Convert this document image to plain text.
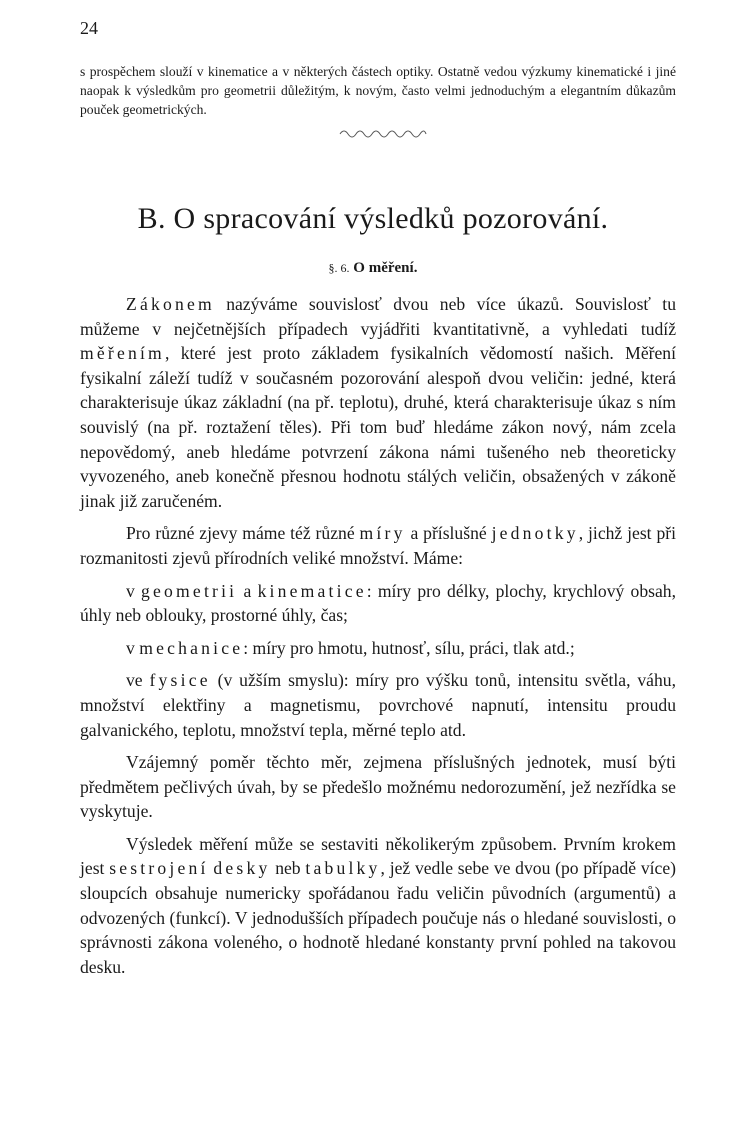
24

s prospěchem slouží v kinematice a v některých částech optiky. Ostatně vedou výzkumy kinematické i jiné naopak k výsledkům pro geometrii důležitým, k novým, často velmi jednoduchým a elegantním důkazům pouček geometrických.

B. O spracování výsledků pozorování.
§. 6. O měření.

Zákonem nazýváme souvislosť dvou neb více úkazů. Souvislosť tu můžeme v nejčetnějších případech vyjádřiti kvantitativně, a vyhledati tudíž měřením, které jest proto základem fysikalních vědomostí našich. Měření fysikalní záleží tudíž v současném pozorování alespoň dvou veličin: jedné, která charakterisuje úkaz základní (na př. teplotu), druhé, která charakterisuje úkaz s ním souvislý (na př. roztažení těles). Při tom buď hledáme zákon nový, nám zcela nepovědomý, aneb hledáme potvrzení zákona námi tušeného neb theoreticky vyvozeného, aneb konečně přesnou hodnotu stálých veličin, obsažených v zákoně jinak již zaručeném.

Pro různé zjevy máme též různé míry a příslušné jednotky, jichž jest při rozmanitosti zjevů přírodních veliké množství. Máme:

v geometrii a kinematice: míry pro délky, plochy, krychlový obsah, úhly neb oblouky, prostorné úhly, čas;

v mechanice: míry pro hmotu, hutnosť, sílu, práci, tlak atd.;

ve fysice (v užším smyslu): míry pro výšku tonů, intensitu světla, váhu, množství elektřiny a magnetismu, povrchové napnutí, intensitu proudu galvanického, teplotu, množství tepla, měrné teplo atd.

Vzájemný poměr těchto měr, zejmena příslušných jednotek, musí býti předmětem pečlivých úvah, by se předešlo možnému nedorozumění, jež nezřídka se vyskytuje.

Výsledek měření může se sestaviti několikerým způsobem. Prvním krokem jest sestrojení desky neb tabulky, jež vedle sebe ve dvou (po případě více) sloupcích obsahuje numericky spořádanou řadu veličin původních (argumentů) a odvozených (funkcí). V jednodušších případech poučuje nás o hledané souvislosti, o správnosti zákona voleného, o hodnotě hledané konstanty první pohled na takovou desku.
